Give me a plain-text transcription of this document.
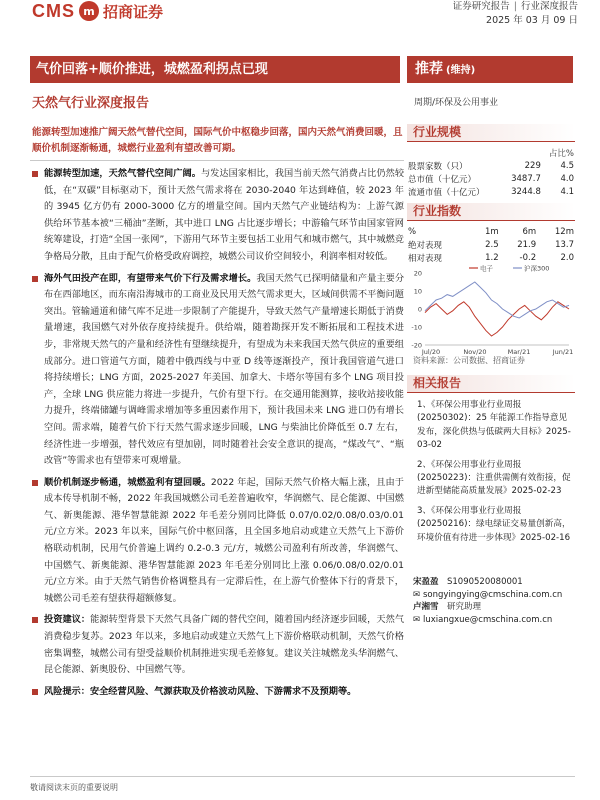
CMS m 招商证券	证券研究报告 | 行业深度报告
2025 年 03 月 09 日
气价回落+顺价推进，城燃盈利拐点已现	推荐 (维持)
天然气行业深度报告	周期/环保及公用事业
能源转型加速推广阔天然气替代空间，国际气价中枢稳步回落，国内天然气消费回暖，且顺价机制逐渐畅通，城燃行业盈利有望改善可期。
能源转型加速，天然气替代空间广阔。与发达国家相比，我国当前天然气消费占比仍然较低，在“双碳”目标驱动下，预计天然气需求将在 2030-2040 年达到峰值，较 2023 年的 3945 亿方仍有 2000-3000 亿方的增量空间。国内天然气产业链结构为：上游气源供给环节基本被“三桶油”垄断，其中进口 LNG 占比逐步增长；中游输气环节由国家管网统筹建设，打造“全国一张网”，下游用气环节主要包括工业用气和城市燃气，其中城燃竞争格局分散，且由于配气价格受政府调控，城燃公司议价空间较小，利润率相对较低。
海外气田投产在即，有望带来气价下行及需求增长。我国天然气已探明储量和产量主要分布在西部地区，而东南沿海城市的工商业及民用天然气需求更大，区域间供需不平衡问题突出。管输通道和储气库不足进一步限制了产能提升，导致天然气产量增速长期低于消费量增速，我国燃气对外依存度持续提升。供给端，随着勘探开发不断拓展和工程技术进步，非常规天然气的产量和经济性有望继续提升，有望成为未来我国天然气供应的重要组成部分。进口管道气方面，随着中俄西线与中亚 D 线等逐渐投产，预计我国管道气进口将持续增长；LNG 方面，2025-2027 年美国、加拿大、卡塔尔等国有多个 LNG 项目投产，全球 LNG 供应能力将进一步提升，气价有望下行。在交通用能测算，接收站接收能力提升，终端储罐与调峰需求增加等多重因素作用下，预计我国未来 LNG 进口仍有增长空间。需求端，随着气价下行天然气需求逐步回暖，LNG 与柴油比价降低至 0.7 左右，经济性进一步增强，替代效应有望加剧，同时随着社会安全意识的提高，“煤改气”、“瓶改管”等需求也有望带来可观增量。
顺价机制逐步畅通，城燃盈利有望回暖。2022 年起，国际天然气价格大幅上涨，且由于成本传导机制不畅，2022 年我国城燃公司毛差普遍收窄，华润燃气、昆仑能源、中国燃气、新奥能源、港华智慧能源 2022 年毛差分别同比降低 0.07/0.02/0.08/0.03/0.01 元/立方米。2023 年以来，国际气价中枢回落，且全国多地启动或建立天然气上下游价格联动机制，民用气价普遍上调约 0.2-0.3 元/方，城燃公司盈利有所改善，华润燃气、中国燃气、新奥能源、港华智慧能源 2023 年毛差分别同比上涨 0.06/0.08/0.02/0.01 元/立方米。由于天然气销售价格调整具有一定滞后性，在上游气价整体下行的背景下，城燃公司毛差有望获得超额修复。
投资建议：能源转型背景下天然气具备广阔的替代空间，随着国内经济逐步回暖，天然气消费稳步复苏。2023 年以来，多地启动或建立天然气上下游价格联动机制，天然气价格密集调整，城燃公司有望受益顺价机制推进实现毛差修复。建议关注城燃龙头华润燃气、昆仑能源、新奥股份、中国燃气等。
风险提示：安全经营风险、气源获取及价格波动风险、下游需求不及预期等。
行业规模
		占比%
股票家数（只）	229	4.5
总市值（十亿元）	3487.7	4.0
流通市值（十亿元）	3244.8	4.1
行业指数
%	1m	6m	12m
绝对表现	2.5	21.9	13.7
相对表现	1.2	-0.2	2.0
20
10
0
-10
-20
Jul/20	Nov/20	Mar/21	Jun/21
电子	沪深300
资料来源：公司数据、招商证券
相关报告
1、《环保公用事业行业周报(20250302)：25 年能源工作指导意见发布，深化供热与低碳两大目标》2025-03-02
2、《环保公用事业行业周报(20250223)：注重供需侧有效衔接，促进新型储能高质量发展》2025-02-23
3、《环保公用事业行业周报(20250216)：绿电绿证交易量创新高，环境价值有待进一步体现》2025-02-16
宋盈盈 S1090520080001
✉ songyingying@cmschina.com.cn
卢湘雪 研究助理
✉ luxiangxue@cmschina.com.cn
敬请阅读末页的重要说明
